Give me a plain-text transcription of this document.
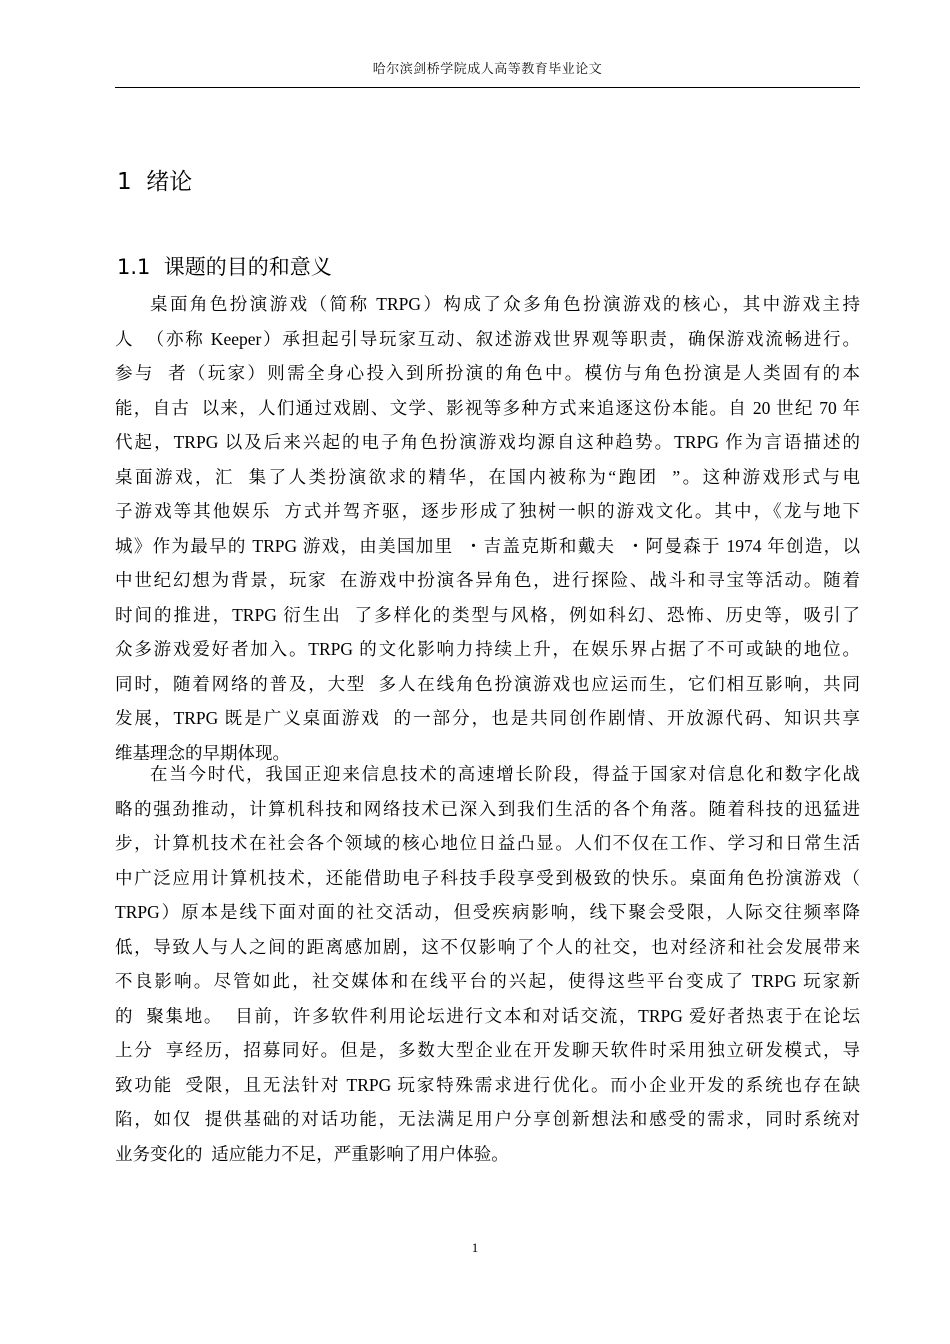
哈尔滨剑桥学院成人高等教育毕业论文
1  绪论
1.1  课题的目的和意义
桌面角色扮演游戏（简称 TRPG）构成了众多角色扮演游戏的核心，其中游戏主持
人  （亦称 Keeper）承担起引导玩家互动、叙述游戏世界观等职责，确保游戏流畅进行。
参与  者（玩家）则需全身心投入到所扮演的角色中。模仿与角色扮演是人类固有的本
能，自古  以来，人们通过戏剧、文学、影视等多种方式来追逐这份本能。自 20 世纪 70 年
代起，TRPG 以及后来兴起的电子角色扮演游戏均源自这种趋势。TRPG 作为言语描述的
桌面游戏，汇  集了人类扮演欲求的精华，在国内被称为“跑团  ”。这种游戏形式与电
子游戏等其他娱乐  方式并驾齐驱，逐步形成了独树一帜的游戏文化。其中，《龙与地下
城》作为最早的 TRPG 游戏，由美国加里  ・吉盖克斯和戴夫  ・阿曼森于 1974 年创造，以
中世纪幻想为背景，玩家  在游戏中扮演各异角色，进行探险、战斗和寻宝等活动。随着
时间的推进，TRPG 衍生出  了多样化的类型与风格，例如科幻、恐怖、历史等，吸引了
众多游戏爱好者加入。TRPG 的文化影响力持续上升，在娱乐界占据了不可或缺的地位。
同时，随着网络的普及，大型  多人在线角色扮演游戏也应运而生，它们相互影响，共同
发展，TRPG 既是广义桌面游戏  的一部分，也是共同创作剧情、开放源代码、知识共享
维基理念的早期体现。
在当今时代，我国正迎来信息技术的高速增长阶段，得益于国家对信息化和数字化战
略的强劲推动，计算机科技和网络技术已深入到我们生活的各个角落。随着科技的迅猛进
步，计算机技术在社会各个领域的核心地位日益凸显。人们不仅在工作、学习和日常生活
中广泛应用计算机技术，还能借助电子科技手段享受到极致的快乐。桌面角色扮演游戏（
TRPG）原本是线下面对面的社交活动，但受疾病影响，线下聚会受限，人际交往频率降
低，导致人与人之间的距离感加剧，这不仅影响了个人的社交，也对经济和社会发展带来
不良影响。尽管如此，社交媒体和在线平台的兴起，使得这些平台变成了 TRPG 玩家新
的  聚集地。  目前，许多软件利用论坛进行文本和对话交流，TRPG 爱好者热衷于在论坛
上分  享经历，招募同好。但是，多数大型企业在开发聊天软件时采用独立研发模式，导
致功能  受限，且无法针对 TRPG 玩家特殊需求进行优化。而小企业开发的系统也存在缺
陷，如仅  提供基础的对话功能，无法满足用户分享创新想法和感受的需求，同时系统对
业务变化的  适应能力不足，严重影响了用户体验。
1
